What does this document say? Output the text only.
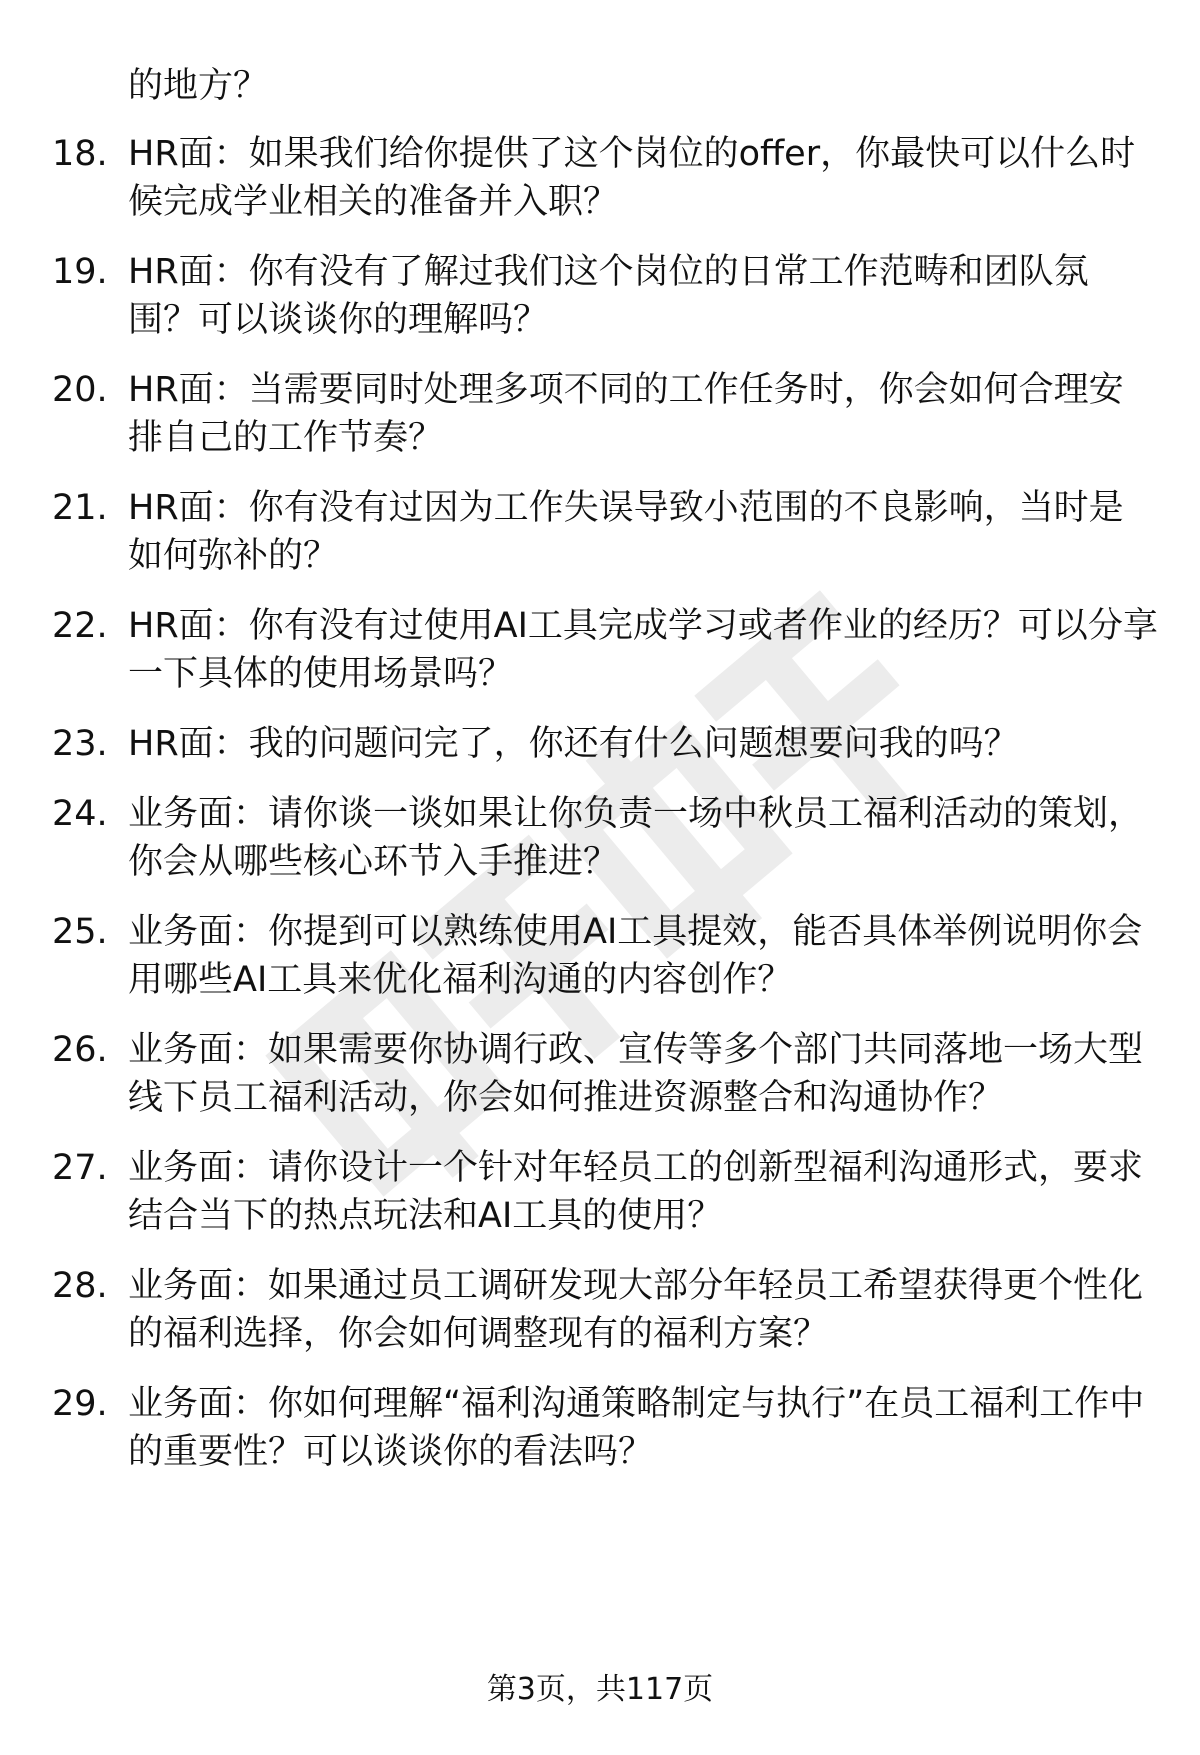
的地方？
18. HR面：如果我们给你提供了这个岗位的offer，你最快可以什么时候完成学业相关的准备并入职？
19. HR面：你有没有了解过我们这个岗位的日常工作范畴和团队氛围？可以谈谈你的理解吗？
20. HR面：当需要同时处理多项不同的工作任务时，你会如何合理安排自己的工作节奏？
21. HR面：你有没有过因为工作失误导致小范围的不良影响，当时是如何弥补的？
22. HR面：你有没有过使用AI工具完成学习或者作业的经历？可以分享一下具体的使用场景吗？
23. HR面：我的问题问完了，你还有什么问题想要问我的吗？
24. 业务面：请你谈一谈如果让你负责一场中秋员工福利活动的策划，你会从哪些核心环节入手推进？
25. 业务面：你提到可以熟练使用AI工具提效，能否具体举例说明你会用哪些AI工具来优化福利沟通的内容创作？
26. 业务面：如果需要你协调行政、宣传等多个部门共同落地一场大型线下员工福利活动，你会如何推进资源整合和沟通协作？
27. 业务面：请你设计一个针对年轻员工的创新型福利沟通形式，要求结合当下的热点玩法和AI工具的使用？
28. 业务面：如果通过员工调研发现大部分年轻员工希望获得更个性化的福利选择，你会如何调整现有的福利方案？
29. 业务面：你如何理解“福利沟通策略制定与执行”在员工福利工作中的重要性？可以谈谈你的看法吗？
第3页，共117页
